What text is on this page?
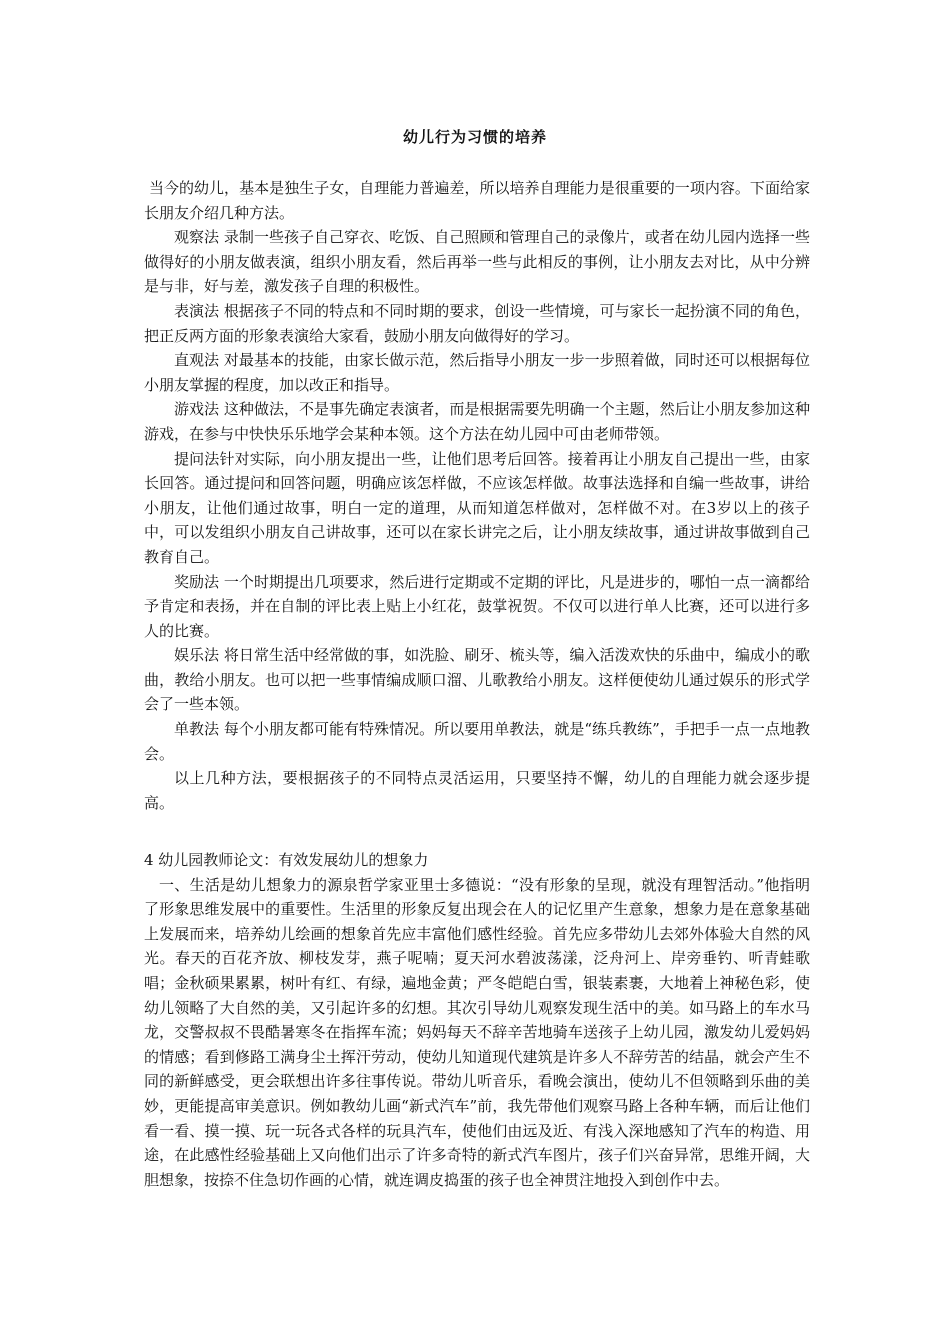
幼儿行为习惯的培养

当今的幼儿，基本是独生子女，自理能力普遍差，所以培养自理能力是很重要的一项内容。下面给家长朋友介绍几种方法。

观察法 录制一些孩子自己穿衣、吃饭、自己照顾和管理自己的录像片，或者在幼儿园内选择一些做得好的小朋友做表演，组织小朋友看，然后再举一些与此相反的事例，让小朋友去对比，从中分辨是与非，好与差，激发孩子自理的积极性。

表演法 根据孩子不同的特点和不同时期的要求，创设一些情境，可与家长一起扮演不同的角色，把正反两方面的形象表演给大家看，鼓励小朋友向做得好的学习。

直观法 对最基本的技能，由家长做示范，然后指导小朋友一步一步照着做，同时还可以根据每位小朋友掌握的程度，加以改正和指导。

游戏法 这种做法，不是事先确定表演者，而是根据需要先明确一个主题，然后让小朋友参加这种游戏，在参与中快快乐乐地学会某种本领。这个方法在幼儿园中可由老师带领。

提问法针对实际，向小朋友提出一些，让他们思考后回答。接着再让小朋友自己提出一些，由家长回答。通过提问和回答问题，明确应该怎样做，不应该怎样做。故事法选择和自编一些故事，讲给小朋友，让他们通过故事，明白一定的道理，从而知道怎样做对，怎样做不对。在3岁以上的孩子中，可以发组织小朋友自己讲故事，还可以在家长讲完之后，让小朋友续故事，通过讲故事做到自己教育自己。

奖励法 一个时期提出几项要求，然后进行定期或不定期的评比，凡是进步的，哪怕一点一滴都给予肯定和表扬，并在自制的评比表上贴上小红花，鼓掌祝贺。不仅可以进行单人比赛，还可以进行多人的比赛。

娱乐法 将日常生活中经常做的事，如洗脸、刷牙、梳头等，编入活泼欢快的乐曲中，编成小的歌曲，教给小朋友。也可以把一些事情编成顺口溜、儿歌教给小朋友。这样便使幼儿通过娱乐的形式学会了一些本领。

单教法 每个小朋友都可能有特殊情况。所以要用单教法，就是“练兵教练”，手把手一点一点地教会。

以上几种方法，要根据孩子的不同特点灵活运用，只要坚持不懈，幼儿的自理能力就会逐步提高。

4 幼儿园教师论文：有效发展幼儿的想象力

一、生活是幼儿想象力的源泉哲学家亚里士多德说：“没有形象的呈现，就没有理智活动。”他指明了形象思维发展中的重要性。生活里的形象反复出现会在人的记忆里产生意象，想象力是在意象基础上发展而来，培养幼儿绘画的想象首先应丰富他们感性经验。首先应多带幼儿去郊外体验大自然的风光。春天的百花齐放、柳枝发芽，燕子呢喃；夏天河水碧波荡漾，泛舟河上、岸旁垂钓、听青蛙歌唱；金秋硕果累累，树叶有红、有绿，遍地金黄；严冬皑皑白雪，银装素裹，大地着上神秘色彩，使幼儿领略了大自然的美，又引起许多的幻想。其次引导幼儿观察发现生活中的美。如马路上的车水马龙，交警叔叔不畏酷暑寒冬在指挥车流；妈妈每天不辞辛苦地骑车送孩子上幼儿园，激发幼儿爱妈妈的情感；看到修路工满身尘土挥汗劳动，使幼儿知道现代建筑是许多人不辞劳苦的结晶，就会产生不同的新鲜感受，更会联想出许多往事传说。带幼儿听音乐，看晚会演出，使幼儿不但领略到乐曲的美妙，更能提高审美意识。例如教幼儿画“新式汽车”前，我先带他们观察马路上各种车辆，而后让他们看一看、摸一摸、玩一玩各式各样的玩具汽车，使他们由远及近、有浅入深地感知了汽车的构造、用途，在此感性经验基础上又向他们出示了许多奇特的新式汽车图片，孩子们兴奋异常，思维开阔，大胆想象，按捺不住急切作画的心情，就连调皮捣蛋的孩子也全神贯注地投入到创作中去。
